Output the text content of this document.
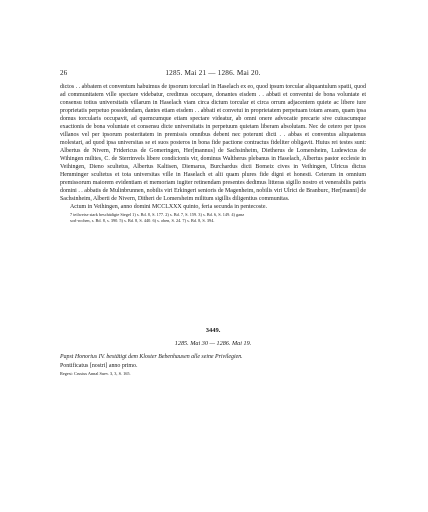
26	1285. Mai 21 — 1286. Mai 20.

dictos . . abbatem et conventum habuimus de ipsorum torcularl in Haselach ex eo, quod ipsum torcular aliquantulum spatii, quod ad communitatem ville spectare videbatur, credimus occupare, donantes eisdem . . abbati et conventui de bona voluntate et consensu totius universitatis villarum in Haselach viam circa dictum torcular et circa orrum adjacentem quiete ac libere iure proprietatis perpetuo possidendam, dantes etiam eisdem . . abbati et convetui in proprietatem perpetuam totam aream, quam ipsa domus torcularis occupavit, ad quemcumque etiam spectare videatur, ab omni onere advocatie precarie sive cuiuscumque exactionis de bona voluntate et consensu dicte universitatis in perpetuum quietam liberam absolutam. Nec de cetero per ipsos villanos vel per ipsorum posteritatem in premissis omnibus debent nec poterunt dicti . . abbas et conventus aliquatenus molestari, ad quod ipsa universitas se et suos posteros in bona fide pactione contractus fideliter obligavit. Huius rei testes sunt: Albertus de Nivern, Fridericus de Gomeringen, Her[mannus] de Sachsinheim, Dietherus de Lomersheim, Ludewicus de Wihingen milites, C. de Sterrinvels libere condicionis vir, dominus Waltherus plebanus in Haselach, Albertus pastor ecclesie in Veihingen, Dieno scultetus, Albertus Kaltisen, Diemarus, Burchardus dicti Bomeiz cives in Veihingen, Ulricus dictus Hemminger scultetus et tota universitas ville in Haselach et alii quam plures fide digni et honesti. Ceterum in omnium premissorum maiorem evidentiam et memoriam iugiter retinendam presentes dedimus litteras sigillo nostro et venerabilis patris domini . . abbatis de Mulinbrunnen, nobilis viri Erkingeri senioris de Magenheim, nobilis viri Ulrici de Branburc, Her[manni] de Sachsinheim, Alberti de Nivern, Ditheri de Lomersheim militum sigillis diligentius communitas.

Actum in Veihingen, anno domini MCCLXXX quinto, feria secunda in pentecoste.

7 teilweise stark beschädigte Siegel 1) s. Bd. 8, S. 177. 2) s. Bd. 7, S. 159. 3) s. Bd. 6, S. 149. 4) ganz

sorl-rochen, s. Bd. 8, s. 390. 5) s. Bd. 8, S. 440. 6) s. oben, S. 24. 7) s. Bd. 8, S. 394.

3449.
1285. Mai 30 — 1286. Mai 19.
Papst Honorius IV. bestätigt dem Kloster Bebenhausen alle seine Privilegien.
Pontificatus [nostri] anno primo.
Regest: Crusius Annal Suev. 3, 3, S. 165.
